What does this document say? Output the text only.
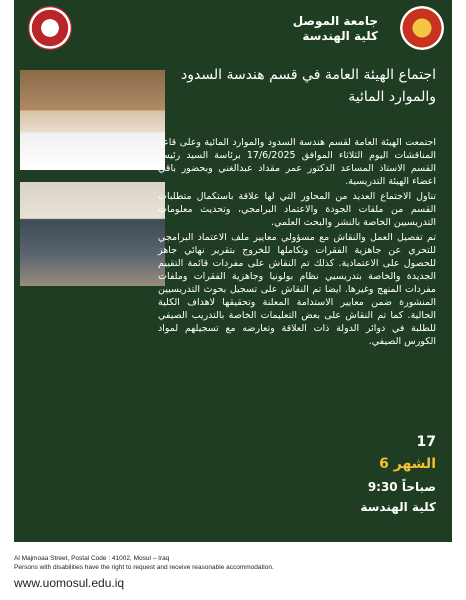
جامعة الموصل
كلية الهندسة
اجتماع الهيئة العامة في قسم هندسة السدود والموارد المائية

اجتمعت الهيئة العامة لقسم هندسة السدود والموارد المائية وعلى قاعة المناقشات اليوم الثلاثاء الموافق 17/6/2025 برئاسة السيد رئيس القسم الاستاذ المساعد الدكتور عمر مقداد عبدالغني وبحضور باقي اعضاء الهيئة التدريسية.

تناول الاجتماع العديد من المحاور التي لها علاقة باستكمال متطلبات القسم من ملفات الجودة والاعتماد البرامجي، وتحديث معلومات التدريسيين الخاصة بالنشر والبحث العلمي.

تم تفصيل العمل والنقاش مع مسؤولي معايير ملف الاعتماد البرامجي للتحري عن جاهزية الفقرات وتكاملها للخروج بتقرير نهائي جاهز للحصول على الاعتمادية. كذلك تم النقاش على مفردات قائمة التقييم الجديدة والخاصة بتدريسيي نظام بولونيا وجاهزية الفقرات وملفات مفردات المنهج وغيرها. ايضا تم النقاش على تسجيل بحوث التدريسيين المنشورة ضمن معايير الاستدامة المعلنة وتحقيقها لاهداف الكلية الحالية. كما تم النقاش على بعض التعليمات الخاصة بالتدريب الصيفي للطلبة في دوائر الدولة ذات العلاقة وتعارضه مع تسجيلهم لمواد الكورس الصيفي.

17
الشهر 6
9:30 صباحاً
كلية الهندسة
Al Majmoaa Street, Postal Code : 41002, Mosul – Iraq
Persons with disabilities have the right to request and receive reasonable accommodation.
www.uomosul.edu.iq
